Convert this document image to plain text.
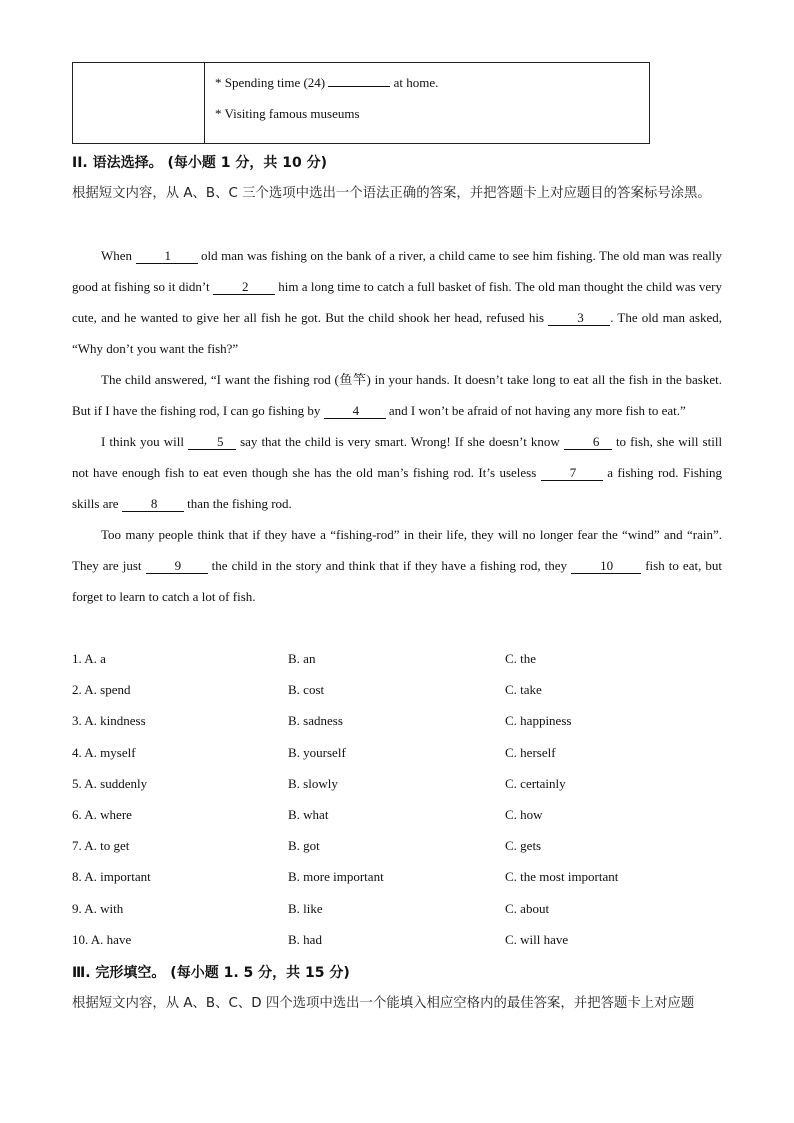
* Spending time (24)	at home.
* Visiting famous museums
II. 语法选择。 (每小题 1 分，共 10 分)
根据短文内容，从 A、B、C 三个选项中选出一个语法正确的答案，并把答题卡上对应题目的答案标号涂黑。

When	1 old man was fishing on the bank of a river, a child came to see him fishing. The old man was really good at fishing so it didn’t 2 him a long time to catch a full basket of fish. The old man thought the child was very cute, and he wanted to give her all fish he got. But the child shook her head, refused his	3 . The old man asked, “Why don’t you want the fish?”

The child answered, “I want the fishing rod (鱼竿) in your hands. It doesn’t take long to eat all the fish in the basket. But if I have the fishing rod, I can go fishing by 4 and I won’t be afraid of not having any more fish to eat.”

I think you will	5 say that the child is very smart. Wrong! If she doesn’t know	6 to fish, she will still not have enough fish to eat even though she has the old man’s fishing rod. It’s useless	7 a fishing rod. Fishing skills are 8 than the fishing rod.

Too many people think that if they have a “fishing-rod” in their life, they will no longer fear the “wind” and “rain”. They are just	9 the child in the story and think that if they have a fishing rod, they	10 fish to eat, but forget to learn to catch a lot of fish.

1. A. a	B. an	C. the
2. A. spend	B. cost	C. take
3. A. kindness	B. sadness	C. happiness
4. A. myself	B. yourself	C. herself
5. A. suddenly	B. slowly	C. certainly
6. A. where	B. what	C. how
7. A. to get	B. got	C. gets
8. A. important	B. more important	C. the most important
9. A. with	B. like	C. about
10. A. have	B. had	C. will have
Ⅲ. 完形填空。 (每小题 1. 5 分，共 15 分)
根据短文内容，从 A、B、C、D 四个选项中选出一个能填入相应空格内的最佳答案，并把答题卡上对应题
